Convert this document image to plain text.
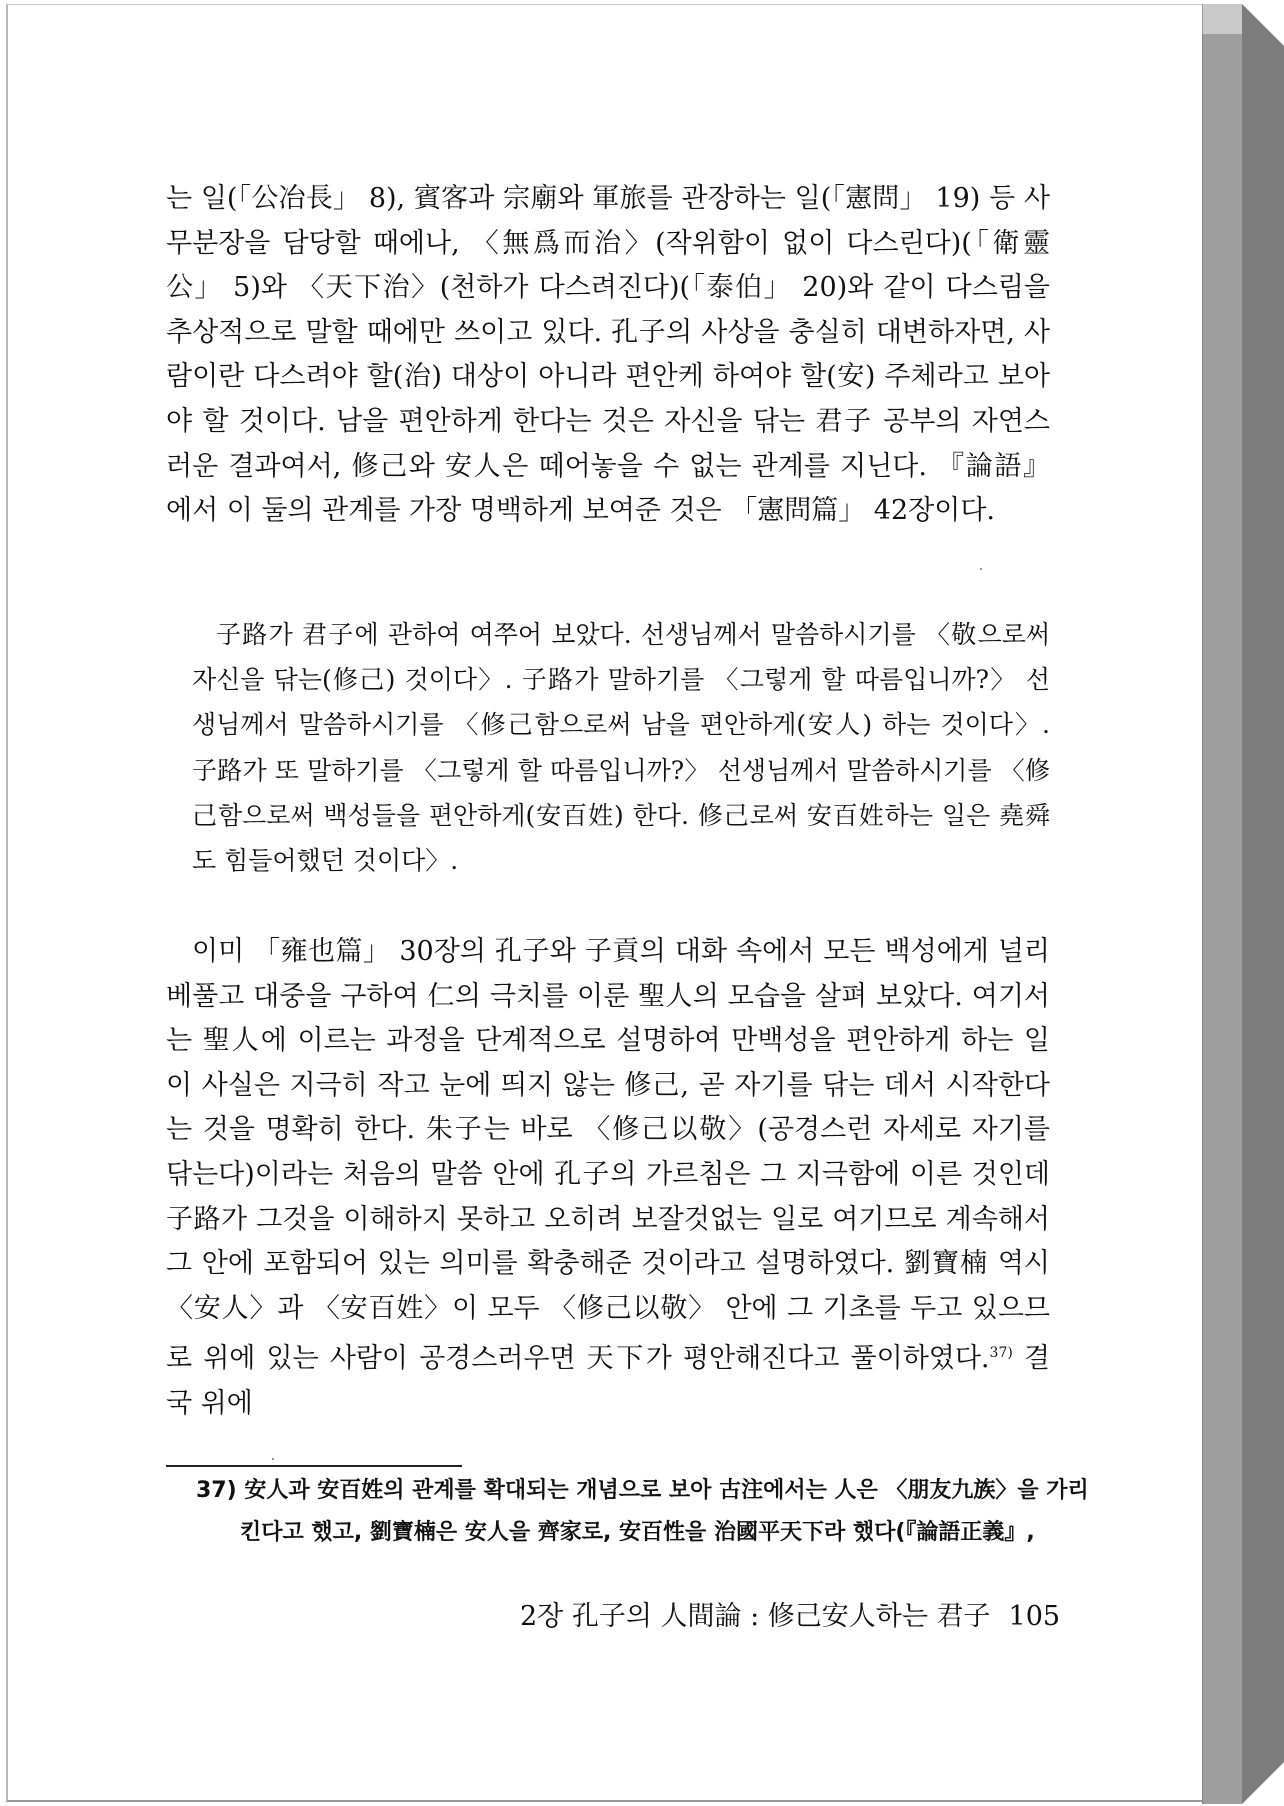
는 일(「公冶長」 8), 賓客과 宗廟와 軍旅를 관장하는 일(「憲問」 19) 등 사무분장을 담당할 때에나, 〈無爲而治〉(작위함이 없이 다스린다)(「衛靈公」 5)와 〈天下治〉(천하가 다스려진다)(「泰伯」 20)와 같이 다스림을 추상적으로 말할 때에만 쓰이고 있다. 孔子의 사상을 충실히 대변하자면, 사람이란 다스려야 할(治) 대상이 아니라 편안케 하여야 할(安) 주체라고 보아야 할 것이다. 남을 편안하게 한다는 것은 자신을 닦는 君子 공부의 자연스러운 결과여서, 修己와 安人은 떼어놓을 수 없는 관계를 지닌다. 『論語』에서 이 둘의 관계를 가장 명백하게 보여준 것은 「憲問篇」 42장이다.

子路가 君子에 관하여 여쭈어 보았다. 선생님께서 말씀하시기를 〈敬으로써 자신을 닦는(修己) 것이다〉. 子路가 말하기를 〈그렇게 할 따름입니까?〉 선생님께서 말씀하시기를 〈修己함으로써 남을 편안하게(安人) 하는 것이다〉. 子路가 또 말하기를 〈그렇게 할 따름입니까?〉 선생님께서 말씀하시기를 〈修己함으로써 백성들을 편안하게(安百姓) 한다. 修己로써 安百姓하는 일은 堯舜도 힘들어했던 것이다〉.

이미 「雍也篇」 30장의 孔子와 子貢의 대화 속에서 모든 백성에게 널리 베풀고 대중을 구하여 仁의 극치를 이룬 聖人의 모습을 살펴 보았다. 여기서는 聖人에 이르는 과정을 단계적으로 설명하여 만백성을 편안하게 하는 일이 사실은 지극히 작고 눈에 띄지 않는 修己, 곧 자기를 닦는 데서 시작한다는 것을 명확히 한다. 朱子는 바로 〈修己以敬〉(공경스런 자세로 자기를 닦는다)이라는 처음의 말씀 안에 孔子의 가르침은 그 지극함에 이른 것인데 子路가 그것을 이해하지 못하고 오히려 보잘것없는 일로 여기므로 계속해서 그 안에 포함되어 있는 의미를 확충해준 것이라고 설명하였다. 劉寶楠 역시 〈安人〉과 〈安百姓〉이 모두 〈修己以敬〉 안에 그 기초를 두고 있으므로 위에 있는 사람이 공경스러우면 天下가 평안해진다고 풀이하였다.$^{37)}$ 결국 위에

37) 安人과 安百姓의 관계를 확대되는 개념으로 보아 古注에서는 人은 〈朋友九族〉을 가리킨다고 했고, 劉寶楠은 安人을 齊家로, 安百性을 治國平天下라 했다(『論語正義』,

2장 孔子의 人間論 : 修己安人하는 君子 105
